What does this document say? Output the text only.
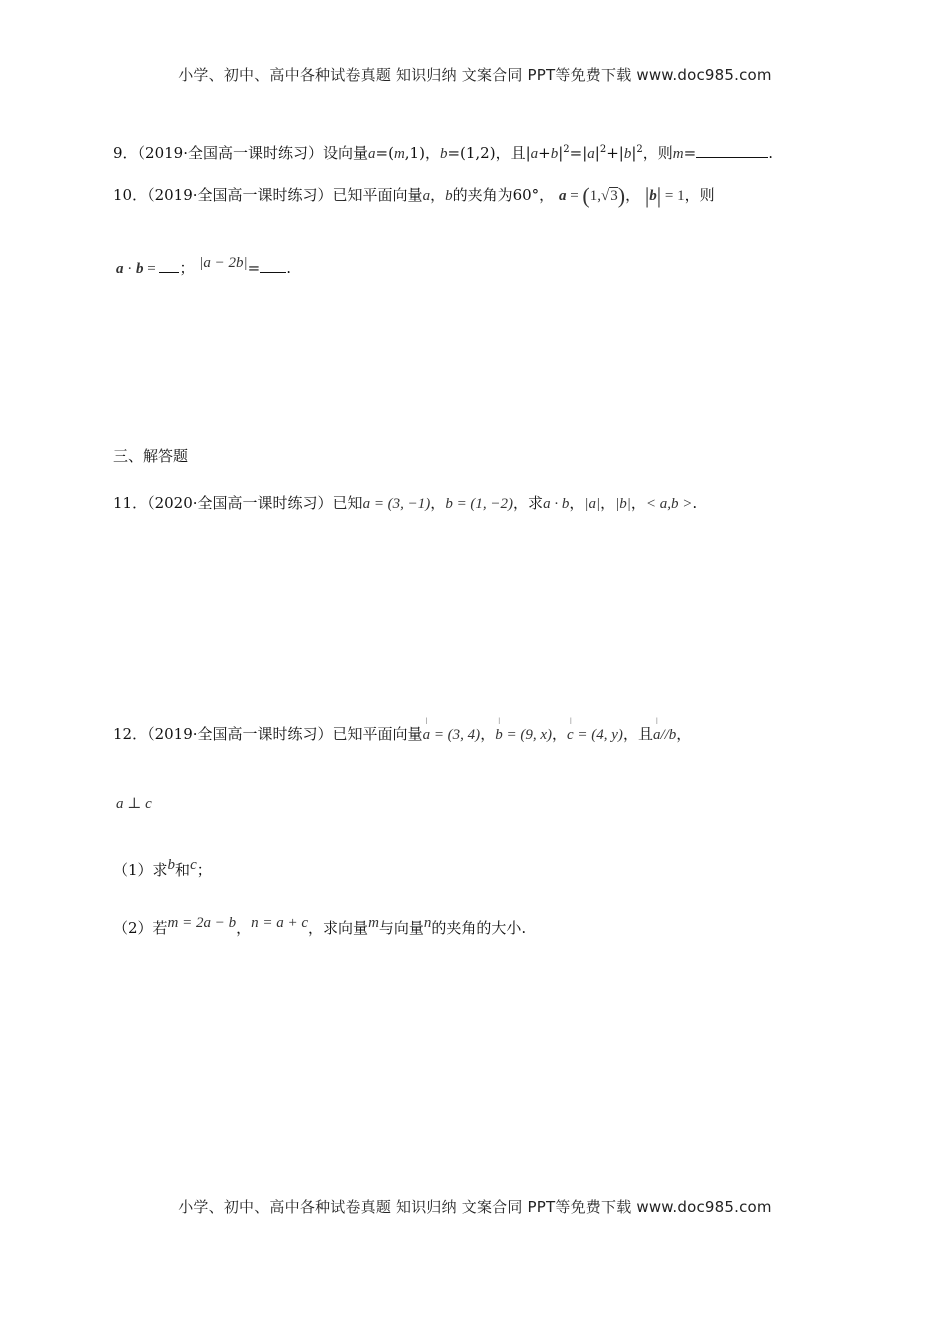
小学、初中、高中各种试卷真题 知识归纳 文案合同 PPT等免费下载 www.doc985.com
9．（2019·全国高一课时练习）设向量a=(m,1)，b=(1,2)，且$|a+b|^2=|a|^2+|b|^2$，则m=	.
10．（2019·全国高一课时练习）已知平面向量a，b的夹角为60°， a = (1,√3)， |b| = 1，则
a · b = ； |a − 2b|= .
三、解答题
11．（2020·全国高一课时练习）已知a = (3, −1)，b = (1, −2)，求a · b，|a|，|b|，< a,b >.
12．（2019·全国高一课时练习）已知平面向量ǀ a = (3, 4)，ǀ b = (9, x)，ǀ c = (4, y)，且ǀ a//b，
a ⊥ c
（1）求b和c；
（2）若m = 2a − b，n = a + c，求向量m与向量n的夹角的大小.
小学、初中、高中各种试卷真题 知识归纳 文案合同 PPT等免费下载 www.doc985.com
